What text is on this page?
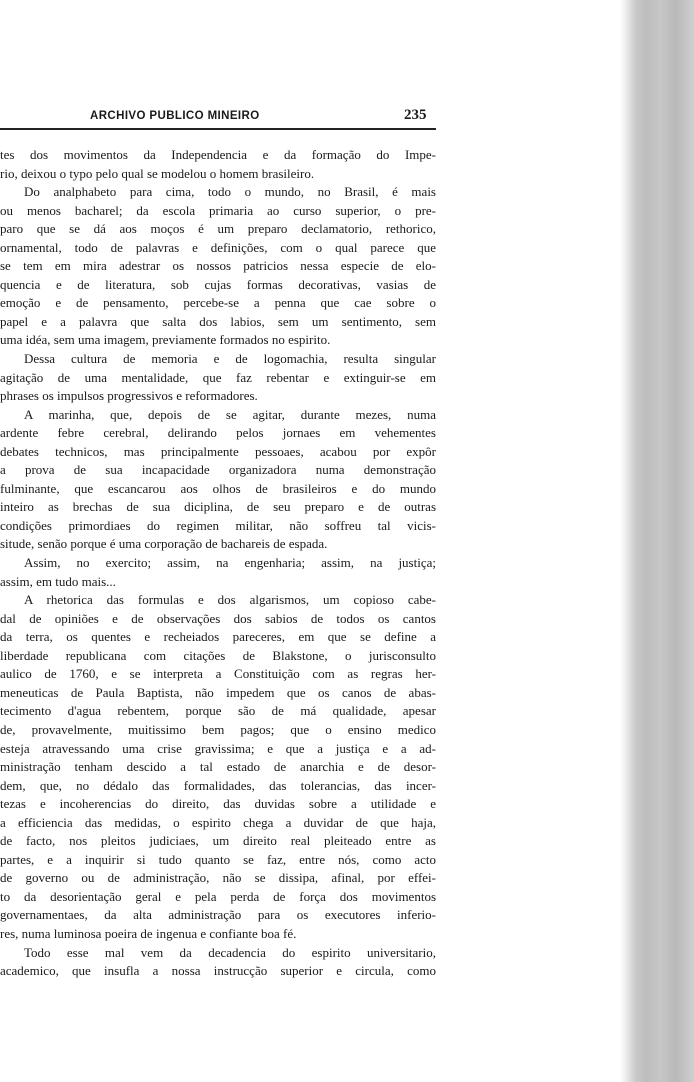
ARCHIVO PUBLICO MINEIRO	235
tes dos movimentos da Independencia e da formação do Impe-
rio, deixou o typo pelo qual se modelou o homem brasileiro.
Do analphabeto para cima, todo o mundo, no Brasil, é mais
ou menos bacharel; da escola primaria ao curso superior, o pre-
paro que se dá aos moços é um preparo declamatorio, rethorico,
ornamental, todo de palavras e definições, com o qual parece que
se tem em mira adestrar os nossos patricios nessa especie de elo-
quencia e de literatura, sob cujas formas decorativas, vasias de
emoção e de pensamento, percebe-se a penna que cae sobre o
papel e a palavra que salta dos labios, sem um sentimento, sem
uma idéa, sem uma imagem, previamente formados no espirito.
Dessa cultura de memoria e de logomachia, resulta singular
agitação de uma mentalidade, que faz rebentar e extinguir-se em
phrases os impulsos progressivos e reformadores.
A marinha, que, depois de se agitar, durante mezes, numa
ardente febre cerebral, delirando pelos jornaes em vehementes
debates technicos, mas principalmente pessoaes, acabou por expôr
a prova de sua incapacidade organizadora numa demonstração
fulminante, que escancarou aos olhos de brasileiros e do mundo
inteiro as brechas de sua diciplina, de seu preparo e de outras
condições primordiaes do regimen militar, não soffreu tal vicis-
situde, senão porque é uma corporação de bachareis de espada.
Assim, no exercito; assim, na engenharia; assim, na justiça;
assim, em tudo mais...
A rhetorica das formulas e dos algarismos, um copioso cabe-
dal de opiniões e de observações dos sabios de todos os cantos
da terra, os quentes e recheiados pareceres, em que se define a
liberdade republicana com citações de Blakstone, o jurisconsulto
aulico de 1760, e se interpreta a Constituição com as regras her-
meneuticas de Paula Baptista, não impedem que os canos de abas-
tecimento d'agua rebentem, porque são de má qualidade, apesar
de, provavelmente, muitissimo bem pagos; que o ensino medico
esteja atravessando uma crise gravissima; e que a justiça e a ad-
ministração tenham descido a tal estado de anarchia e de desor-
dem, que, no dédalo das formalidades, das tolerancias, das incer-
tezas e incoherencias do direito, das duvidas sobre a utilidade e
a efficiencia das medidas, o espirito chega a duvidar de que haja,
de facto, nos pleitos judiciaes, um direito real pleiteado entre as
partes, e a inquirir si tudo quanto se faz, entre nós, como acto
de governo ou de administração, não se dissipa, afinal, por effei-
to da desorientação geral e pela perda de força dos movimentos
governamentaes, da alta administração para os executores inferio-
res, numa luminosa poeira de ingenua e confiante boa fé.
Todo esse mal vem da decadencia do espirito universitario,
academico, que insufla a nossa instrucção superior e circula, como
